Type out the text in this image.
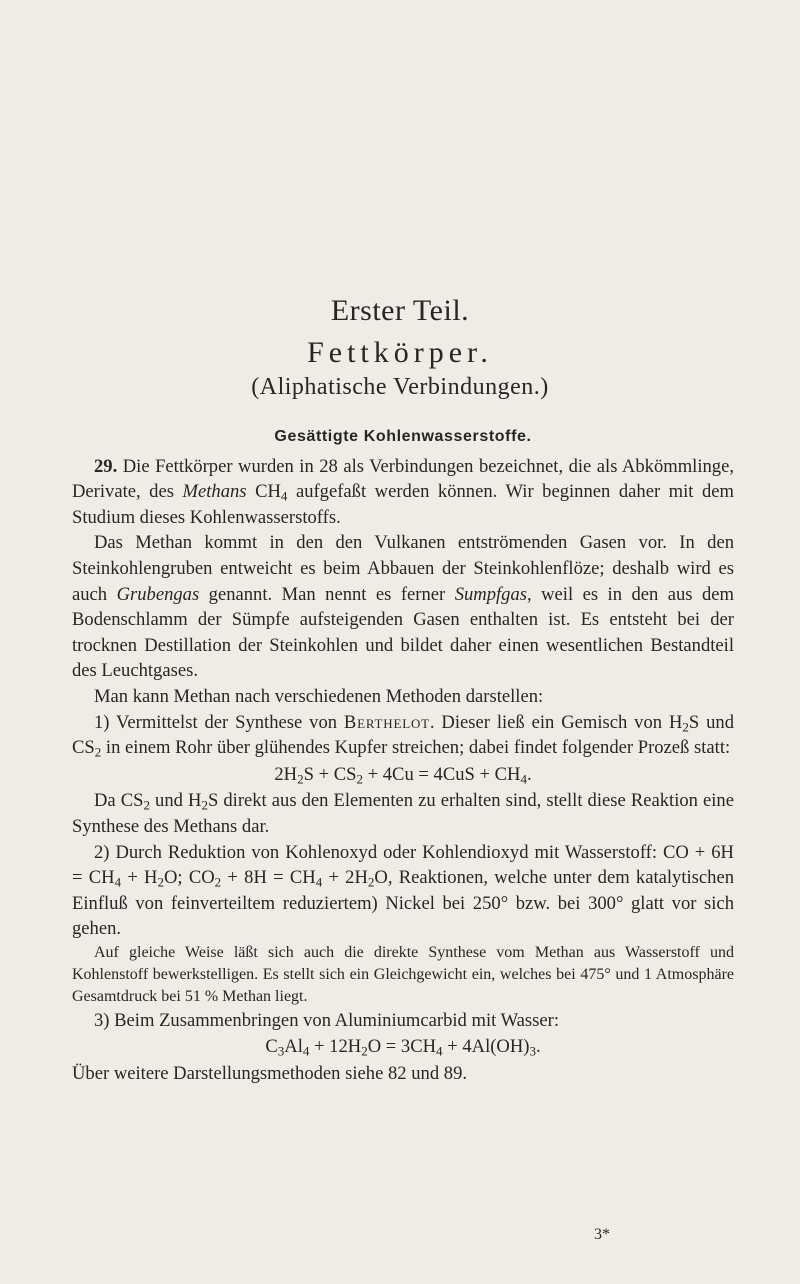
Erster Teil.
Fettkörper.
(Aliphatische Verbindungen.)
Gesättigte Kohlenwasserstoffe.

29. Die Fettkörper wurden in 28 als Verbindungen bezeichnet, die als Abkömmlinge, Derivate, des Methans $CH_4$ aufgefaßt werden können. Wir beginnen daher mit dem Studium dieses Kohlenwasserstoffs.

Das Methan kommt in den den Vulkanen entströmenden Gasen vor. In den Steinkohlengruben entweicht es beim Abbauen der Steinkohlenflöze; deshalb wird es auch Grubengas genannt. Man nennt es ferner Sumpfgas, weil es in den aus dem Bodenschlamm der Sümpfe aufsteigenden Gasen enthalten ist. Es entsteht bei der trocknen Destillation der Steinkohlen und bildet daher einen wesentlichen Bestandteil des Leuchtgases.

Man kann Methan nach verschiedenen Methoden darstellen:

1) Vermittelst der Synthese von Berthelot. Dieser ließ ein Gemisch von $H_2S$ und $CS_2$ in einem Rohr über glühendes Kupfer streichen; dabei findet folgender Prozeß statt:

$2H_2S + CS_2 + 4Cu = 4CuS + CH_4$.

Da $CS_2$ und $H_2S$ direkt aus den Elementen zu erhalten sind, stellt diese Reaktion eine Synthese des Methans dar.

2) Durch Reduktion von Kohlenoxyd oder Kohlendioxyd mit Wasserstoff: CO + $6H = CH_4 + H_2O$; $CO_2 + 8H = CH_4 + 2H_2O$, Reaktionen, welche unter dem katalytischen Einfluß von feinverteiltem reduziertem) Nickel bei 250° bzw. bei 300° glatt vor sich gehen.

Auf gleiche Weise läßt sich auch die direkte Synthese vom Methan aus Wasserstoff und Kohlenstoff bewerkstelligen. Es stellt sich ein Gleichgewicht ein, welches bei 475° und 1 Atmosphäre Gesamtdruck bei 51 % Methan liegt.

3) Beim Zusammenbringen von Aluminiumcarbid mit Wasser:

$C_3Al_4 + 12H_2O = 3CH_4 + 4Al(OH)_3$.

Über weitere Darstellungsmethoden siehe 82 und 89.

3*
